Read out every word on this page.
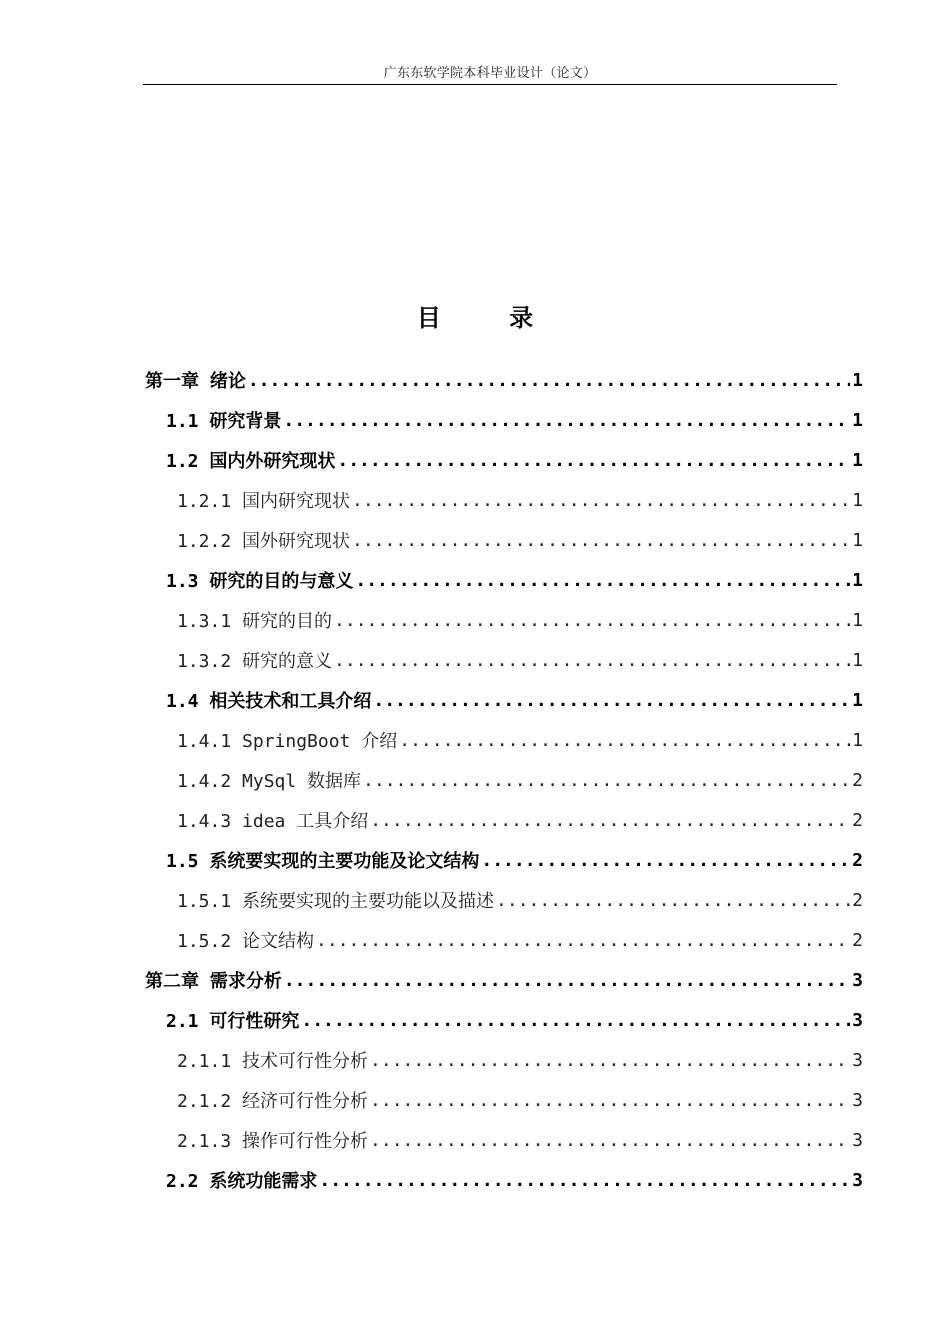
广东东软学院本科毕业设计（论文）
目 录
第一章 绪论 .....	1
1.1 研究背景 .....	1
1.2 国内外研究现状 .....	1
1.2.1 国内研究现状 .....	1
1.2.2 国外研究现状 .....	1
1.3 研究的目的与意义 .....	1
1.3.1 研究的目的 .....	1
1.3.2 研究的意义 .....	1
1.4 相关技术和工具介绍 .....	1
1.4.1 SpringBoot 介绍 .....	1
1.4.2 MySql 数据库 .....	2
1.4.3 idea 工具介绍 .....	2
1.5 系统要实现的主要功能及论文结构 .....	2
1.5.1 系统要实现的主要功能以及描述 .....	2
1.5.2 论文结构 .....	2
第二章 需求分析 .....	3
2.1 可行性研究 .....	3
2.1.1 技术可行性分析 .....	3
2.1.2 经济可行性分析 .....	3
2.1.3 操作可行性分析 .....	3
2.2 系统功能需求 .....	3
